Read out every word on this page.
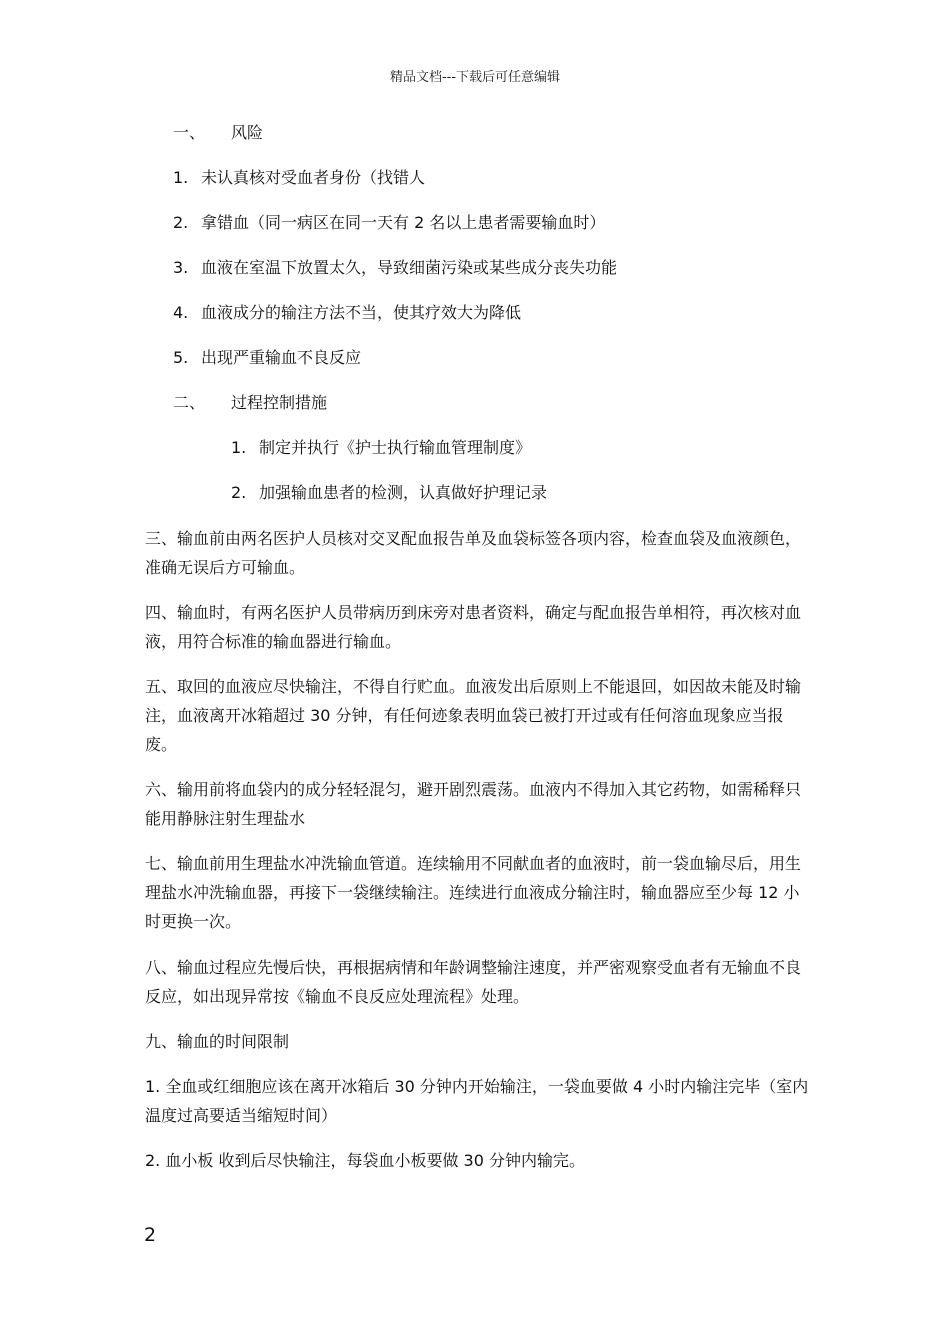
精品文档---下载后可任意编辑
一、 风险
1. 未认真核对受血者身份（找错人
2. 拿错血（同一病区在同一天有 2 名以上患者需要输血时）
3. 血液在室温下放置太久，导致细菌污染或某些成分丧失功能
4. 血液成分的输注方法不当，使其疗效大为降低
5. 出现严重输血不良反应
二、 过程控制措施
1. 制定并执行《护士执行输血管理制度》
2. 加强输血患者的检测，认真做好护理记录
三、输血前由两名医护人员核对交叉配血报告单及血袋标签各项内容，检查血袋及血液颜色，准确无误后方可输血。
四、输血时，有两名医护人员带病历到床旁对患者资料，确定与配血报告单相符，再次核对血液，用符合标准的输血器进行输血。
五、取回的血液应尽快输注，不得自行贮血。血液发出后原则上不能退回，如因故未能及时输注，血液离开冰箱超过 30 分钟，有任何迹象表明血袋已被打开过或有任何溶血现象应当报废。
六、输用前将血袋内的成分轻轻混匀，避开剧烈震荡。血液内不得加入其它药物，如需稀释只能用静脉注射生理盐水
七、输血前用生理盐水冲洗输血管道。连续输用不同献血者的血液时，前一袋血输尽后，用生理盐水冲洗输血器，再接下一袋继续输注。连续进行血液成分输注时，输血器应至少每 12 小时更换一次。
八、输血过程应先慢后快，再根据病情和年龄调整输注速度，并严密观察受血者有无输血不良反应，如出现异常按《输血不良反应处理流程》处理。
九、输血的时间限制
1. 全血或红细胞应该在离开冰箱后 30 分钟内开始输注，一袋血要做 4 小时内输注完毕（室内温度过高要适当缩短时间）
2. 血小板 收到后尽快输注，每袋血小板要做 30 分钟内输完。
2
